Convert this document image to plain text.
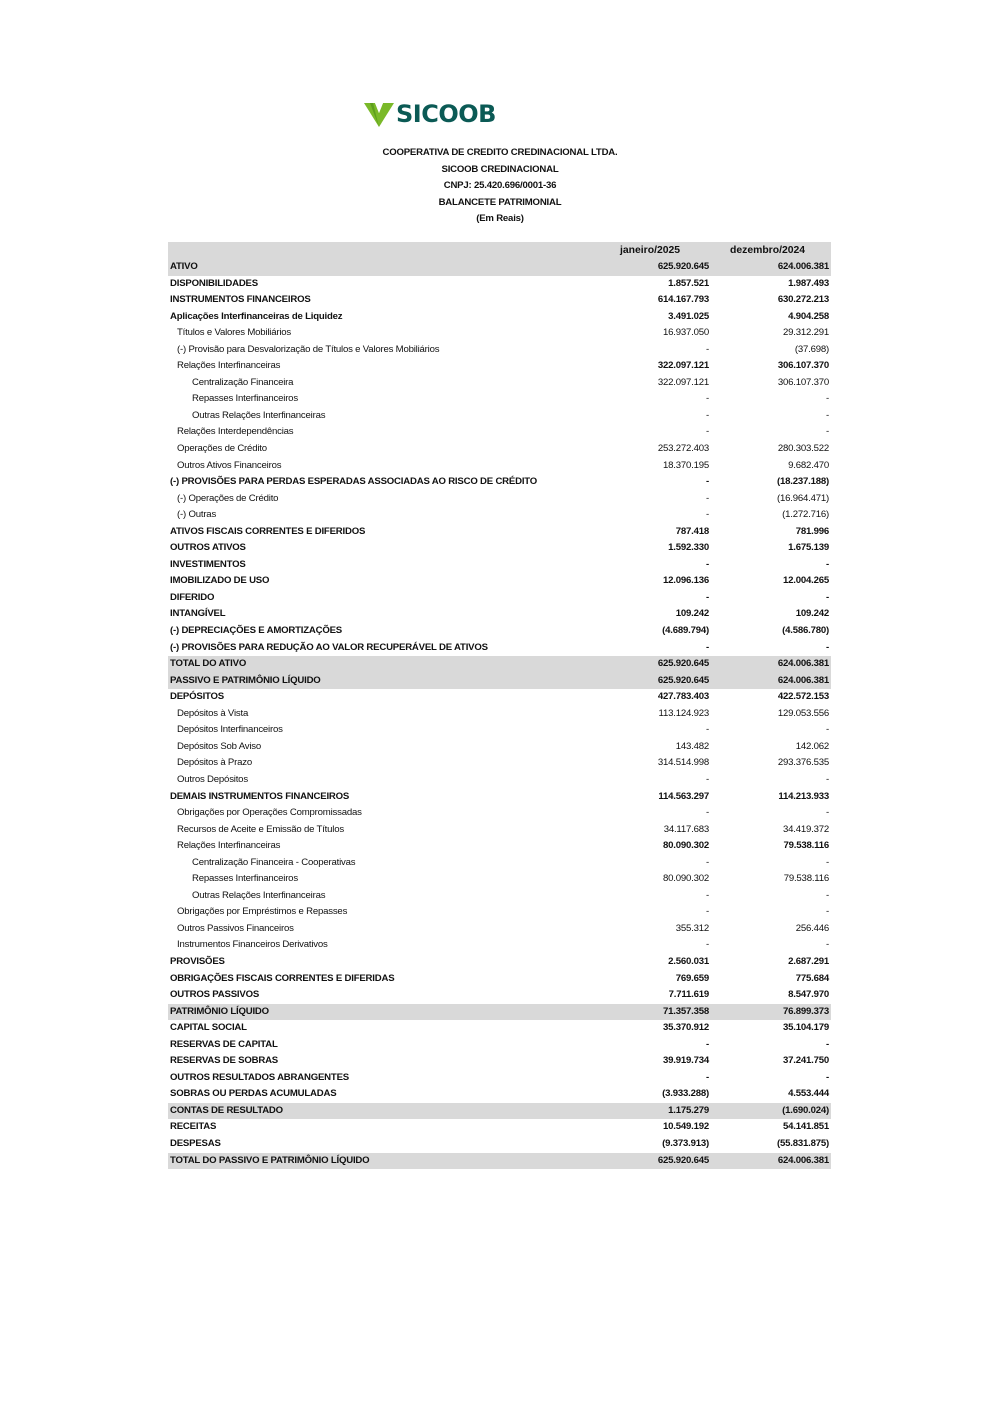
SICOOB
COOPERATIVA DE CREDITO CREDINACIONAL LTDA.
SICOOB CREDINACIONAL
CNPJ: 25.420.696/0001-36
BALANCETE PATRIMONIAL
(Em Reais)
janeiro/2025	dezembro/2024
ATIVO	625.920.645	624.006.381
DISPONIBILIDADES	1.857.521	1.987.493
INSTRUMENTOS FINANCEIROS	614.167.793	630.272.213
Aplicações Interfinanceiras de Liquidez	3.491.025	4.904.258
Títulos e Valores Mobiliários	16.937.050	29.312.291
(-) Provisão para Desvalorização de Títulos e Valores Mobiliários	-	(37.698)
Relações Interfinanceiras	322.097.121	306.107.370
Centralização Financeira	322.097.121	306.107.370
Repasses Interfinanceiros	-	-
Outras Relações Interfinanceiras	-	-
Relações Interdependências	-	-
Operações de Crédito	253.272.403	280.303.522
Outros Ativos Financeiros	18.370.195	9.682.470
(-) PROVISÕES PARA PERDAS ESPERADAS ASSOCIADAS AO RISCO DE CRÉDITO	-	(18.237.188)
(-) Operações de Crédito	-	(16.964.471)
(-) Outras	-	(1.272.716)
ATIVOS FISCAIS CORRENTES E DIFERIDOS	787.418	781.996
OUTROS ATIVOS	1.592.330	1.675.139
INVESTIMENTOS	-	-
IMOBILIZADO DE USO	12.096.136	12.004.265
DIFERIDO	-	-
INTANGÍVEL	109.242	109.242
(-) DEPRECIAÇÕES E AMORTIZAÇÕES	(4.689.794)	(4.586.780)
(-) PROVISÕES PARA REDUÇÃO AO VALOR RECUPERÁVEL DE ATIVOS	-	-
TOTAL DO ATIVO	625.920.645	624.006.381
PASSIVO E PATRIMÔNIO LÍQUIDO	625.920.645	624.006.381
DEPÓSITOS	427.783.403	422.572.153
Depósitos à Vista	113.124.923	129.053.556
Depósitos Interfinanceiros	-	-
Depósitos Sob Aviso	143.482	142.062
Depósitos à Prazo	314.514.998	293.376.535
Outros Depósitos	-	-
DEMAIS INSTRUMENTOS FINANCEIROS	114.563.297	114.213.933
Obrigações por Operações Compromissadas	-	-
Recursos de Aceite e Emissão de Títulos	34.117.683	34.419.372
Relações Interfinanceiras	80.090.302	79.538.116
Centralização Financeira - Cooperativas	-	-
Repasses Interfinanceiros	80.090.302	79.538.116
Outras Relações Interfinanceiras	-	-
Obrigações por Empréstimos e Repasses	-	-
Outros Passivos Financeiros	355.312	256.446
Instrumentos Financeiros Derivativos	-	-
PROVISÕES	2.560.031	2.687.291
OBRIGAÇÕES FISCAIS CORRENTES E DIFERIDAS	769.659	775.684
OUTROS PASSIVOS	7.711.619	8.547.970
PATRIMÔNIO LÍQUIDO	71.357.358	76.899.373
CAPITAL SOCIAL	35.370.912	35.104.179
RESERVAS DE CAPITAL	-	-
RESERVAS DE SOBRAS	39.919.734	37.241.750
OUTROS RESULTADOS ABRANGENTES	-	-
SOBRAS OU PERDAS ACUMULADAS	(3.933.288)	4.553.444
CONTAS DE RESULTADO	1.175.279	(1.690.024)
RECEITAS	10.549.192	54.141.851
DESPESAS	(9.373.913)	(55.831.875)
TOTAL DO PASSIVO E PATRIMÔNIO LÍQUIDO	625.920.645	624.006.381
